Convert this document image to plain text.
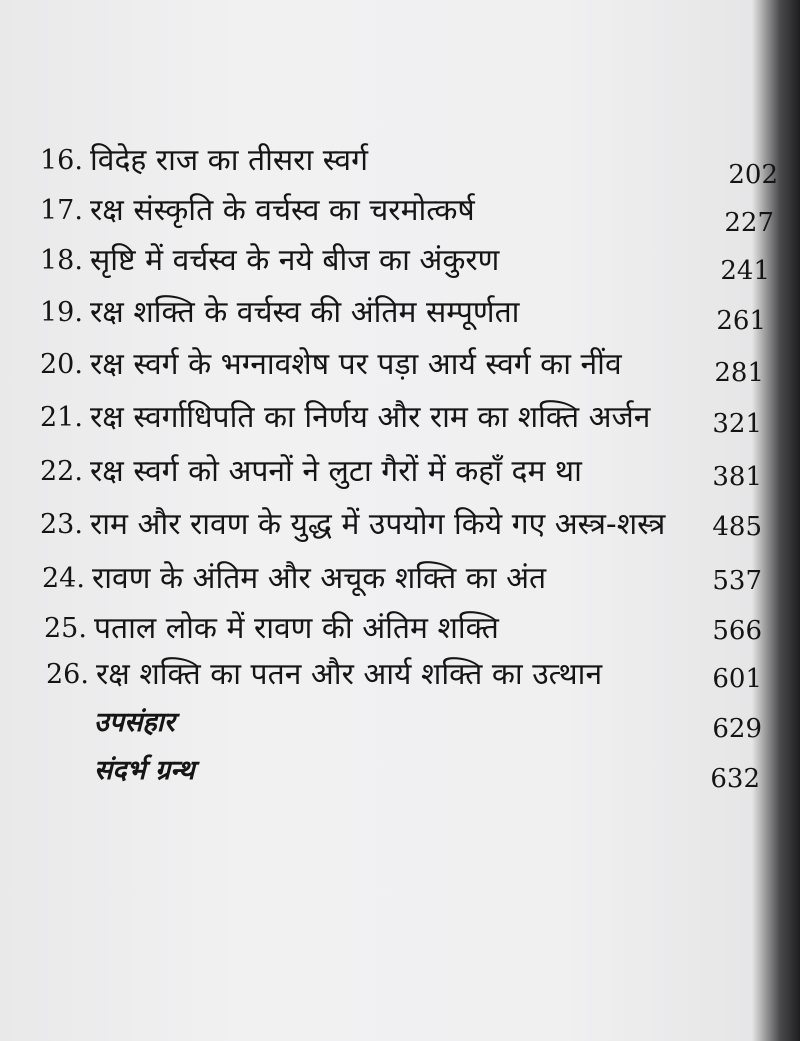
16. विदेह राज का तीसरा स्वर्ग	202
17. रक्ष संस्कृति के वर्चस्व का चरमोत्कर्ष	227
18. सृष्टि में वर्चस्व के नये बीज का अंकुरण	241
19. रक्ष शक्ति के वर्चस्व की अंतिम सम्पूर्णता	261
20. रक्ष स्वर्ग के भग्नावशेष पर पड़ा आर्य स्वर्ग का नींव	281
21. रक्ष स्वर्गाधिपति का निर्णय और राम का शक्ति अर्जन 321
22. रक्ष स्वर्ग को अपनों ने लुटा गैरों में कहाँ दम था	381
23. राम और रावण के युद्ध में उपयोग किये गए अस्त्र-शस्त्र 485
24. रावण के अंतिम और अचूक शक्ति का अंत	537
25. पताल लोक में रावण की अंतिम शक्ति	566
26. रक्ष शक्ति का पतन और आर्य शक्ति का उत्थान	601
उपसंहार	629
संदर्भ ग्रन्थ	632
